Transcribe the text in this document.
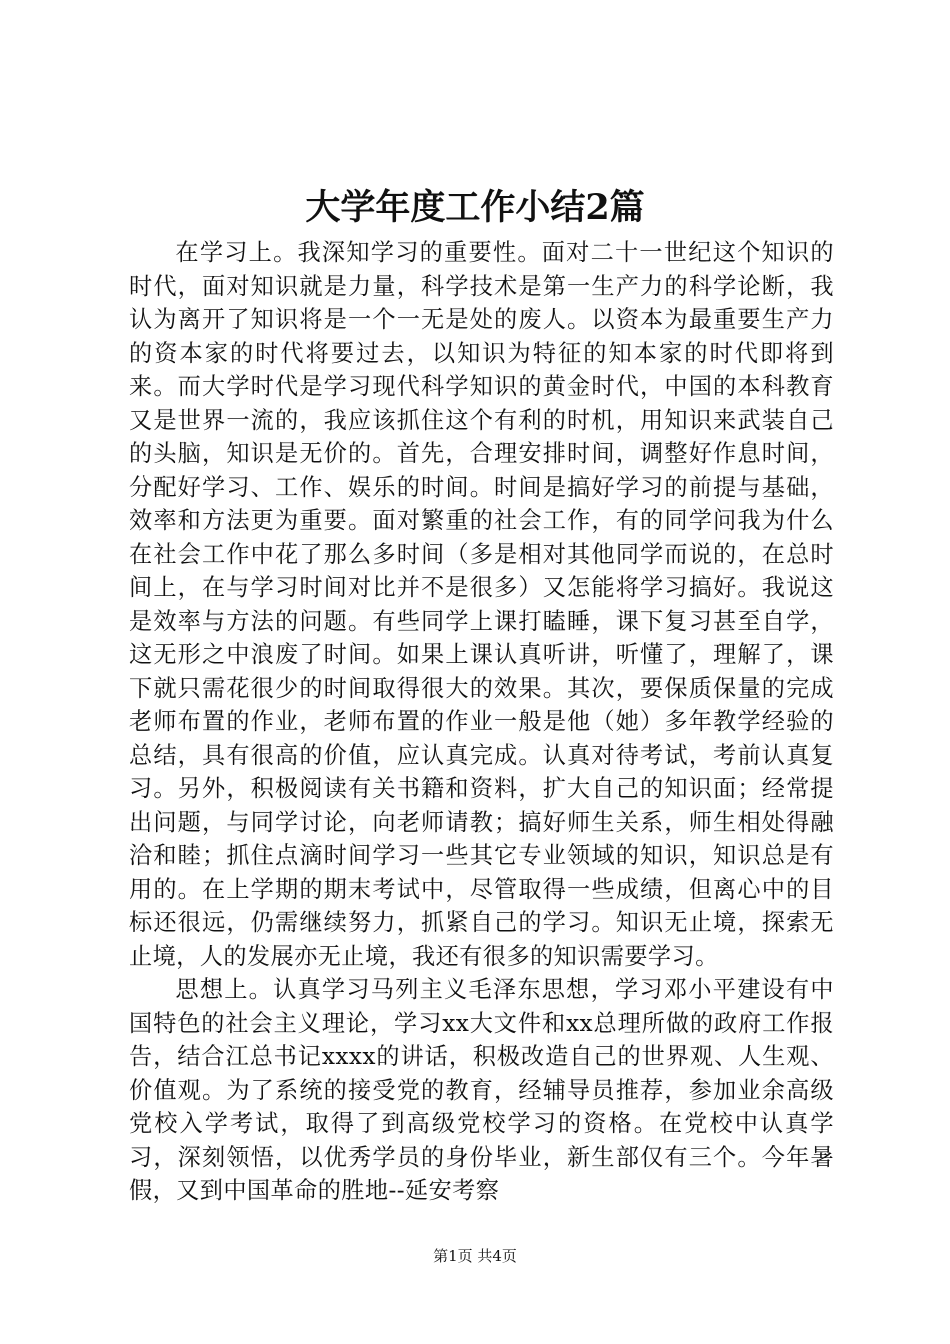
大学年度工作小结2篇

在学习上。我深知学习的重要性。面对二十一世纪这个知识的时代，面对知识就是力量，科学技术是第一生产力的科学论断，我认为离开了知识将是一个一无是处的废人。以资本为最重要生产力的资本家的时代将要过去，以知识为特征的知本家的时代即将到来。而大学时代是学习现代科学知识的黄金时代，中国的本科教育又是世界一流的，我应该抓住这个有利的时机，用知识来武装自己的头脑，知识是无价的。首先，合理安排时间，调整好作息时间，分配好学习、工作、娱乐的时间。时间是搞好学习的前提与基础，效率和方法更为重要。面对繁重的社会工作，有的同学问我为什么在社会工作中花了那么多时间（多是相对其他同学而说的，在总时间上，在与学习时间对比并不是很多）又怎能将学习搞好。我说这是效率与方法的问题。有些同学上课打瞌睡，课下复习甚至自学，这无形之中浪废了时间。如果上课认真听讲，听懂了，理解了，课下就只需花很少的时间取得很大的效果。其次，要保质保量的完成老师布置的作业，老师布置的作业一般是他（她）多年教学经验的总结，具有很高的价值，应认真完成。认真对待考试，考前认真复习。另外，积极阅读有关书籍和资料，扩大自己的知识面；经常提出问题，与同学讨论，向老师请教；搞好师生关系，师生相处得融洽和睦；抓住点滴时间学习一些其它专业领域的知识，知识总是有用的。在上学期的期末考试中，尽管取得一些成绩，但离心中的目标还很远，仍需继续努力，抓紧自己的学习。知识无止境，探索无止境，人的发展亦无止境，我还有很多的知识需要学习。

思想上。认真学习马列主义毛泽东思想，学习邓小平建设有中国特色的社会主义理论，学习xx大文件和xx总理所做的政府工作报告，结合江总书记xxxx的讲话，积极改造自己的世界观、人生观、价值观。为了系统的接受党的教育，经辅导员推荐，参加业余高级党校入学考试，取得了到高级党校学习的资格。在党校中认真学习，深刻领悟，以优秀学员的身份毕业，新生部仅有三个。今年暑假，又到中国革命的胜地--延安考察

第1页 共4页
